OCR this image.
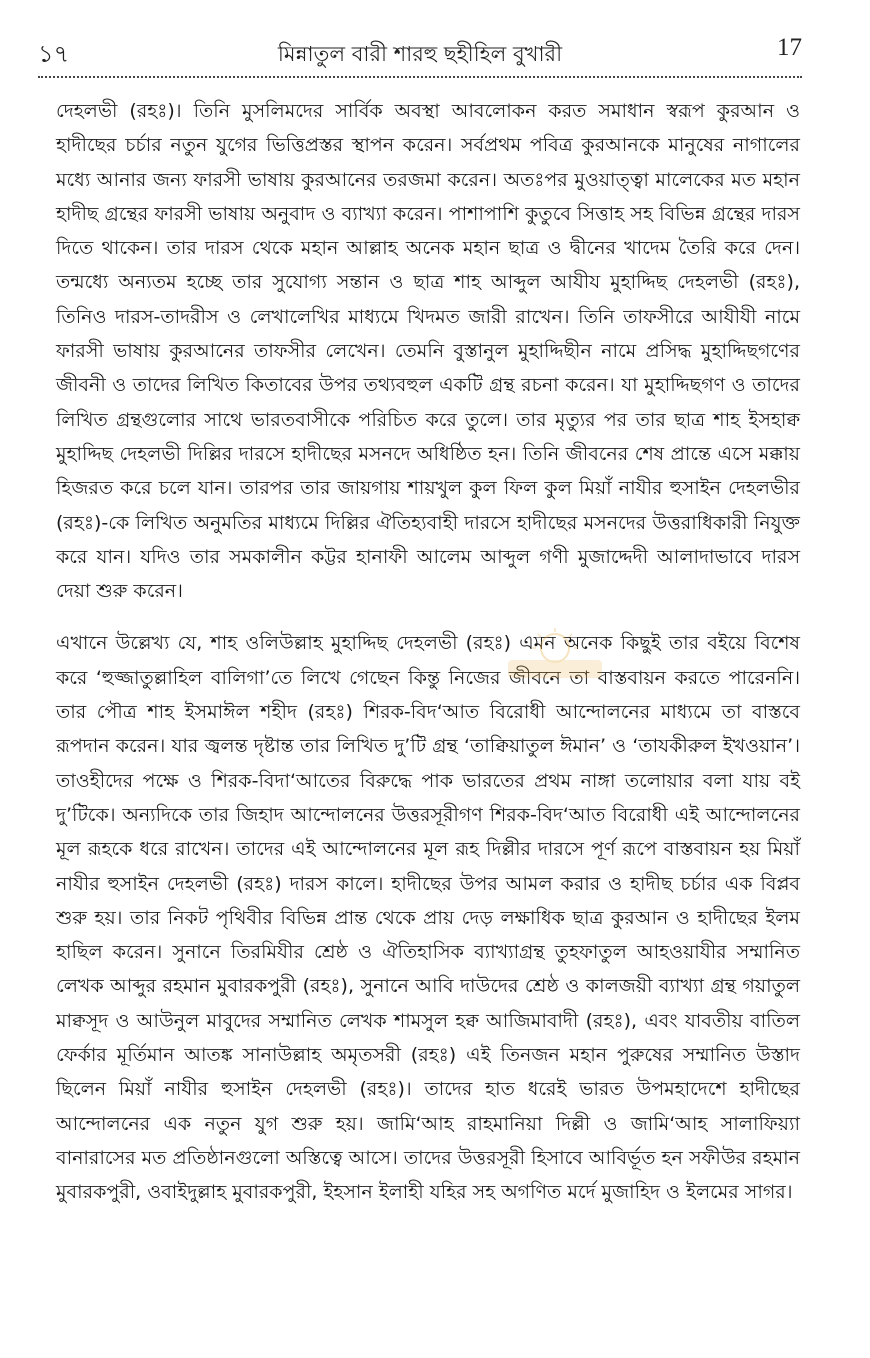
১৭	মিন্নাতুল বারী শারহু ছহীহিল বুখারী	17

দেহলভী (রহঃ)। তিনি মুসলিমদের সার্বিক অবস্থা আবলোকন করত সমাধান স্বরূপ কুরআন ও হাদীছের চর্চার নতুন যুগের ভিত্তিপ্রস্তর স্থাপন করেন। সর্বপ্রথম পবিত্র কুরআনকে মানুষের নাগালের মধ্যে আনার জন্য ফারসী ভাষায় কুরআনের তরজমা করেন। অতঃপর মুওয়াত্ত্বা মালেকের মত মহান হাদীছ গ্রন্থের ফারসী ভাষায় অনুবাদ ও ব্যাখ্যা করেন। পাশাপাশি কুতুবে সিত্তাহ সহ বিভিন্ন গ্রন্থের দারস দিতে থাকেন। তার দারস থেকে মহান আল্লাহ অনেক মহান ছাত্র ও দ্বীনের খাদেম তৈরি করে দেন। তন্মধ্যে অন্যতম হচ্ছে তার সুযোগ্য সন্তান ও ছাত্র শাহ আব্দুল আযীয মুহাদ্দিছ দেহলভী (রহঃ), তিনিও দারস-তাদরীস ও লেখালেখির মাধ্যমে খিদমত জারী রাখেন। তিনি তাফসীরে আযীযী নামে ফারসী ভাষায় কুরআনের তাফসীর লেখেন। তেমনি বুস্তানুল মুহাদ্দিছীন নামে প্রসিদ্ধ মুহাদ্দিছগণের জীবনী ও তাদের লিখিত কিতাবের উপর তথ্যবহুল একটি গ্রন্থ রচনা করেন। যা মুহাদ্দিছগণ ও তাদের লিখিত গ্রন্থগুলোর সাথে ভারতবাসীকে পরিচিত করে তুলে। তার মৃত্যুর পর তার ছাত্র শাহ ইসহাক্ব মুহাদ্দিছ দেহলভী দিল্লির দারসে হাদীছের মসনদে অধিষ্ঠিত হন। তিনি জীবনের শেষ প্রান্তে এসে মক্কায় হিজরত করে চলে যান। তারপর তার জায়গায় শায়খুল কুল ফিল কুল মিয়াঁ নাযীর হুসাইন দেহলভীর (রহঃ)-কে লিখিত অনুমতির মাধ্যমে দিল্লির ঐতিহ্যবাহী দারসে হাদীছের মসনদের উত্তরাধিকারী নিযুক্ত করে যান। যদিও তার সমকালীন কট্টর হানাফী আলেম আব্দুল গণী মুজাদ্দেদী আলাদাভাবে দারস দেয়া শুরু করেন।

এখানে উল্লেখ্য যে, শাহ ওলিউল্লাহ মুহাদ্দিছ দেহলভী (রহঃ) এমন অনেক কিছুই তার বইয়ে বিশেষ করে ‘হুজ্জাতুল্লাহিল বালিগা’তে লিখে গেছেন কিন্তু নিজের জীবনে তা বাস্তবায়ন করতে পারেননি। তার পৌত্র শাহ ইসমাঈল শহীদ (রহঃ) শিরক-বিদ‘আত বিরোধী আন্দোলনের মাধ্যমে তা বাস্তবে রূপদান করেন। যার জ্বলন্ত দৃষ্টান্ত তার লিখিত দু’টি গ্রন্থ ‘তাক্বিয়াতুল ঈমান’ ও ‘তাযকীরুল ইখওয়ান’। তাওহীদের পক্ষে ও শিরক-বিদা‘আতের বিরুদ্ধে পাক ভারতের প্রথম নাঙ্গা তলোয়ার বলা যায় বই দু’টিকে। অন্যদিকে তার জিহাদ আন্দোলনের উত্তরসূরীগণ শিরক-বিদ‘আত বিরোধী এই আন্দোলনের মূল রূহকে ধরে রাখেন। তাদের এই আন্দোলনের মূল রূহ দিল্লীর দারসে পূর্ণ রূপে বাস্তবায়ন হয় মিয়াঁ নাযীর হুসাইন দেহলভী (রহঃ) দারস কালে। হাদীছের উপর আমল করার ও হাদীছ চর্চার এক বিপ্লব শুরু হয়। তার নিকট পৃথিবীর বিভিন্ন প্রান্ত থেকে প্রায় দেড় লক্ষাধিক ছাত্র কুরআন ও হাদীছের ইলম হাছিল করেন। সুনানে তিরমিযীর শ্রেষ্ঠ ও ঐতিহাসিক ব্যাখ্যাগ্রন্থ তুহফাতুল আহওয়াযীর সম্মানিত লেখক আব্দুর রহমান মুবারকপুরী (রহঃ), সুনানে আবি দাউদের শ্রেষ্ঠ ও কালজয়ী ব্যাখ্যা গ্রন্থ গয়াতুল মাক্বসূদ ও আউনুল মাবুদের সম্মানিত লেখক শামসুল হক্ব আজিমাবাদী (রহঃ), এবং যাবতীয় বাতিল ফের্কার মূর্তিমান আতঙ্ক সানাউল্লাহ অমৃতসরী (রহঃ) এই তিনজন মহান পুরুষের সম্মানিত উস্তাদ ছিলেন মিয়াঁ নাযীর হুসাইন দেহলভী (রহঃ)। তাদের হাত ধরেই ভারত উপমহাদেশে হাদীছের আন্দোলনের এক নতুন যুগ শুরু হয়। জামি‘আহ রাহমানিয়া দিল্লী ও জামি‘আহ সালাফিয়্যা বানারাসের মত প্রতিষ্ঠানগুলো অস্তিত্বে আসে। তাদের উত্তরসূরী হিসাবে আবির্ভূত হন সফীউর রহমান মুবারকপুরী, ওবাইদুল্লাহ মুবারকপুরী, ইহসান ইলাহী যহির সহ অগণিত মর্দে মুজাহিদ ও ইলমের সাগর।
